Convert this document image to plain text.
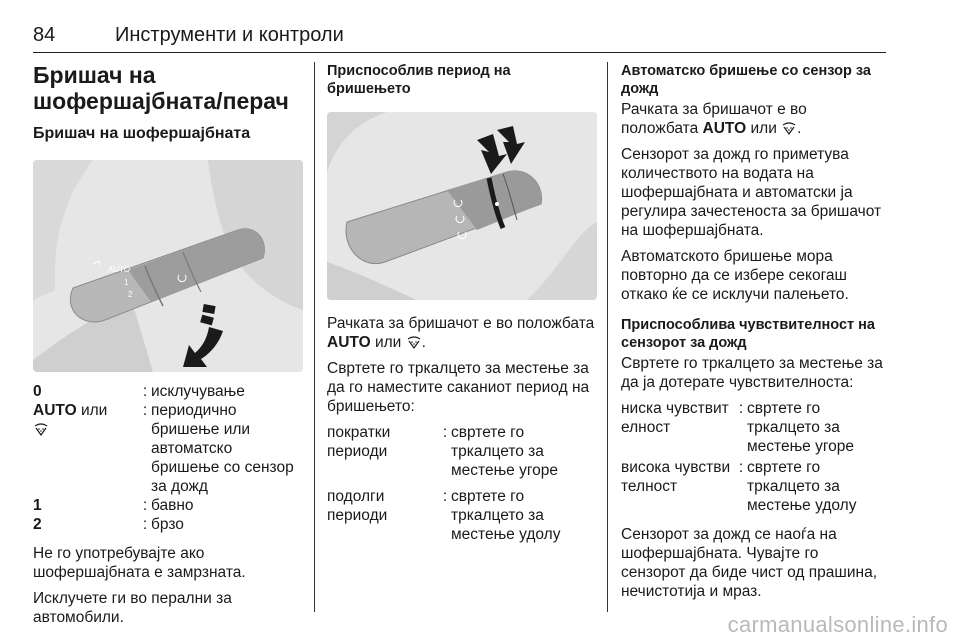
84	Инструменти и контроли
Бришач на шофершајбната/перач
Бришач на шофершајбната
AUTO
1
2
0	: исклучување
AUTO или	: периодично бришење или автоматско бришење со сензор за дожд
1	: бавно
2	: брзо

Не го употребувајте ако шофершајбната е замрзната.

Исклучете ги во перални за автомобили.

Приспособлив период на бришењето

Рачката за бришачот е во положбата AUTO или .

Свртете го тркалцето за местење за да го наместите саканиот период на бришењето:

пократки периоди
: свртете го тркалцето за местење угоре
подолги периоди
: свртете го тркалцето за местење удолу
Автоматско бришење со сензор за дожд

Рачката за бришачот е во положбата AUTO или .

Сензорот за дожд го приметува количеството на водата на шофершајбната и автоматски ја регулира зачестеноста за бришачот на шофершајбната.

Автоматското бришење мора повторно да се избере секогаш откако ќе се исклучи палењето.

Приспособлива чувствителност на сензорот за дожд

Свртете го тркалцето за местење за да ја дотерате чувствителноста:

ниска чувствителност
: свртете го тркалцето за местење угоре
висока чувствителност
: свртете го тркалцето за местење удолу

Сензорот за дожд се наоѓа на шофершајбната. Чувајте го сензорот да биде чист од прашина, нечистотија и мраз.

carmanualsonline.info
